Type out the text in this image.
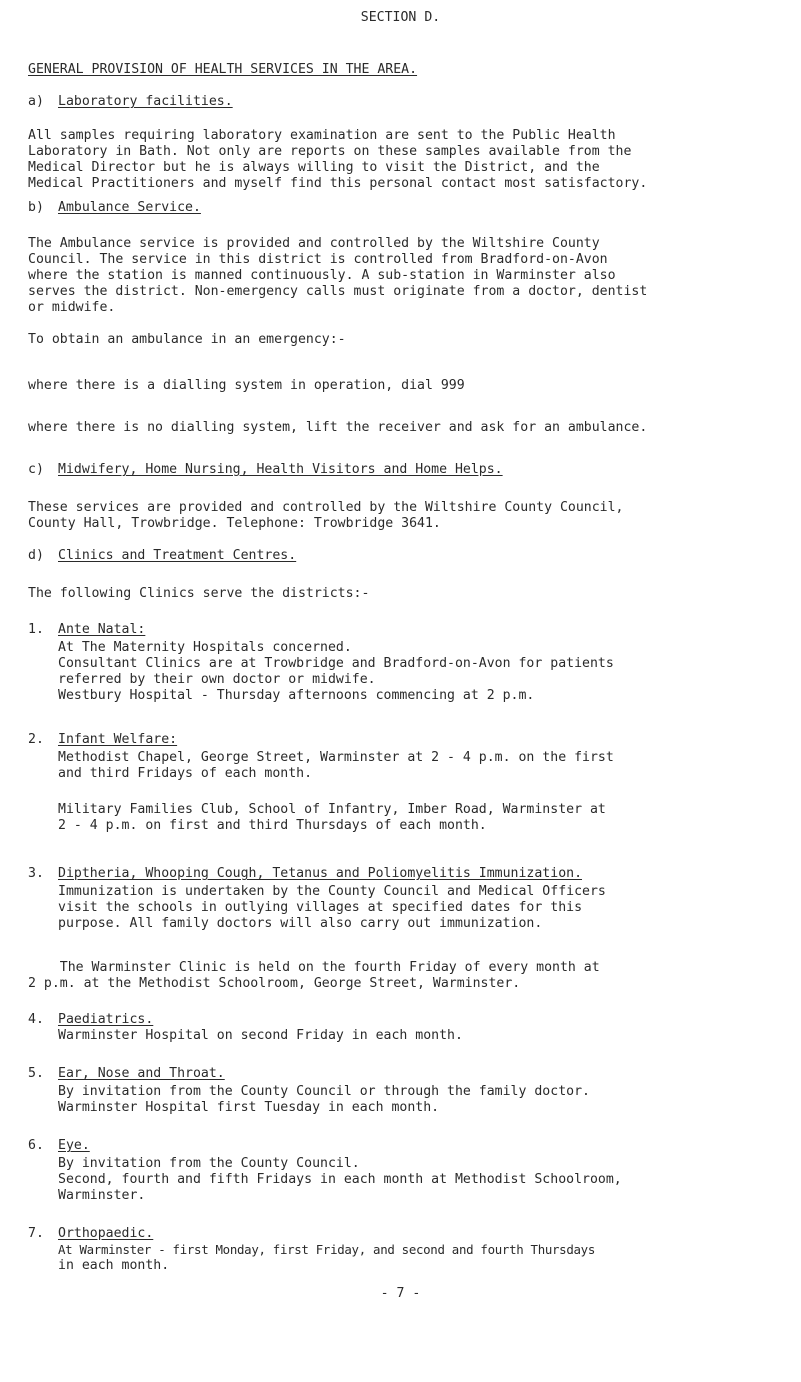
SECTION D.
GENERAL PROVISION OF HEALTH SERVICES IN THE AREA.
a) Laboratory facilities.
All samples requiring laboratory examination are sent to the Public Health
Laboratory in Bath. Not only are reports on these samples available from the
Medical Director but he is always willing to visit the District, and the
Medical Practitioners and myself find this personal contact most satisfactory.
b) Ambulance Service.
The Ambulance service is provided and controlled by the Wiltshire County
Council. The service in this district is controlled from Bradford-on-Avon
where the station is manned continuously. A sub-station in Warminster also
serves the district. Non-emergency calls must originate from a doctor, dentist
or midwife.
To obtain an ambulance in an emergency:-
where there is a dialling system in operation, dial 999
where there is no dialling system, lift the receiver and ask for an ambulance.
c) Midwifery, Home Nursing, Health Visitors and Home Helps.
These services are provided and controlled by the Wiltshire County Council,
County Hall, Trowbridge. Telephone: Trowbridge 3641.
d) Clinics and Treatment Centres.
The following Clinics serve the districts:-
1. Ante Natal:
At The Maternity Hospitals concerned.
Consultant Clinics are at Trowbridge and Bradford-on-Avon for patients
referred by their own doctor or midwife.
Westbury Hospital - Thursday afternoons commencing at 2 p.m.
2. Infant Welfare:
Methodist Chapel, George Street, Warminster at 2 - 4 p.m. on the first
and third Fridays of each month.
Military Families Club, School of Infantry, Imber Road, Warminster at
2 - 4 p.m. on first and third Thursdays of each month.
3. Diptheria, Whooping Cough, Tetanus and Poliomyelitis Immunization.
Immunization is undertaken by the County Council and Medical Officers
visit the schools in outlying villages at specified dates for this
purpose. All family doctors will also carry out immunization.
The Warminster Clinic is held on the fourth Friday of every month at
2 p.m. at the Methodist Schoolroom, George Street, Warminster.
4. Paediatrics.
Warminster Hospital on second Friday in each month.
5. Ear, Nose and Throat.
By invitation from the County Council or through the family doctor.
Warminster Hospital first Tuesday in each month.
6. Eye.
By invitation from the County Council.
Second, fourth and fifth Fridays in each month at Methodist Schoolroom,
Warminster.
7. Orthopaedic.
At Warminster - first Monday, first Friday, and second and fourth Thursdays
in each month.
- 7 -
